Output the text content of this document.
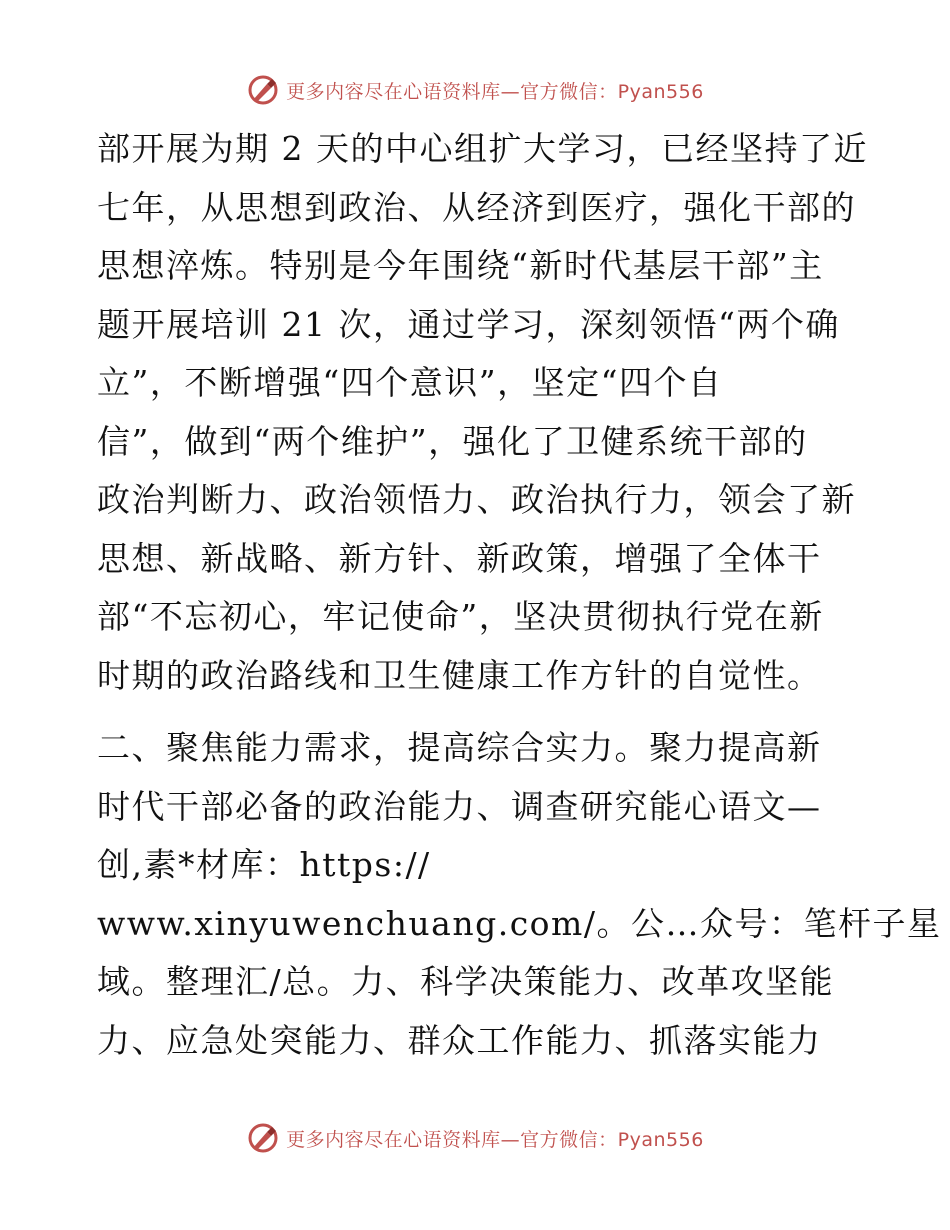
更多内容尽在心语资料库—官方微信：Pyan556
部开展为期 2 天的中心组扩大学习，已经坚持了近
七年，从思想到政治、从经济到医疗，强化干部的
思想淬炼。特别是今年围绕“新时代基层干部”主
题开展培训 21 次，通过学习，深刻领悟“两个确
立”，不断增强“四个意识”，坚定“四个自
信”，做到“两个维护”，强化了卫健系统干部的
政治判断力、政治领悟力、政治执行力，领会了新
思想、新战略、新方针、新政策，增强了全体干
部“不忘初心，牢记使命”，坚决贯彻执行党在新
时期的政治路线和卫生健康工作方针的自觉性。
二、聚焦能力需求，提高综合实力。聚力提高新
时代干部必备的政治能力、调查研究能心语文—
创,素*材库：https://
www.xinyuwenchuang.com/。公…众号：笔杆子星
域。整理汇/总。力、科学决策能力、改革攻坚能
力、应急处突能力、群众工作能力、抓落实能力
更多内容尽在心语资料库—官方微信：Pyan556
